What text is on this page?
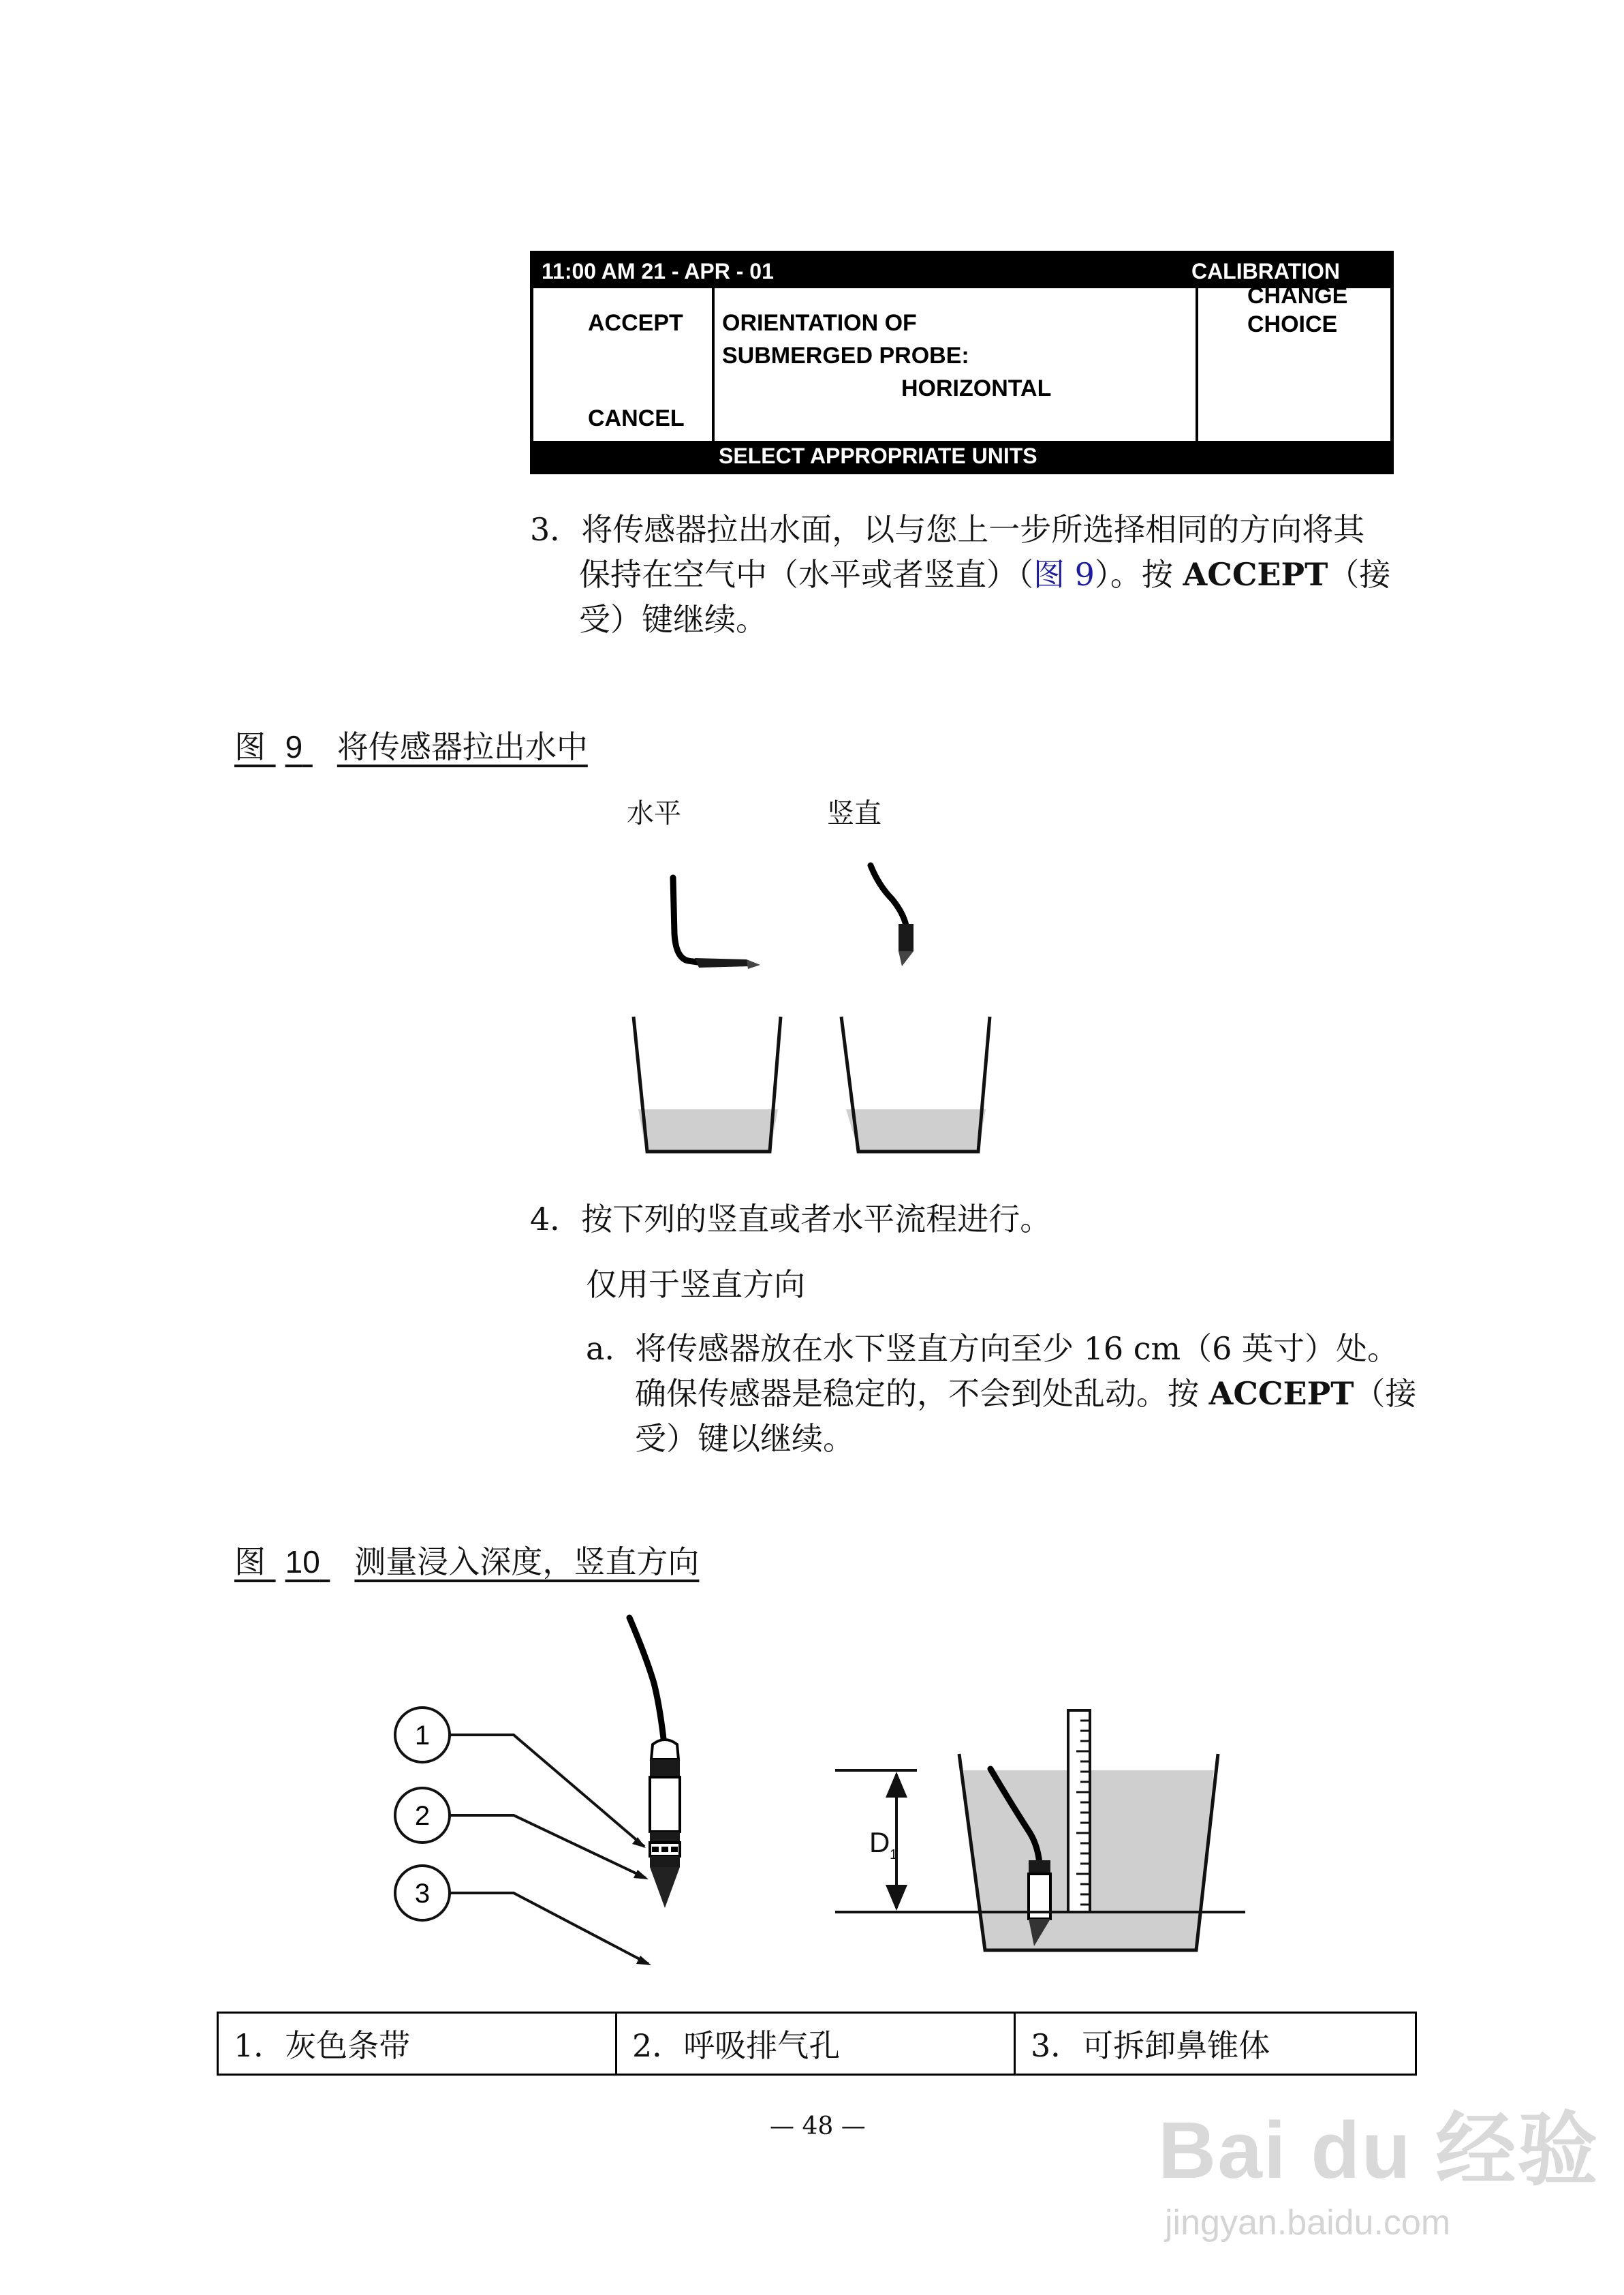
11:00 AM 21 - APR - 01	CALIBRATION
ACCEPT
CANCEL
CHANGE
CHOICE
ORIENTATION OF
SUBMERGED PROBE:
HORIZONTAL
SELECT APPROPRIATE UNITS
3．将传感器拉出水面，以与您上一步所选择相同的方向将其
保持在空气中（水平或者竖直）（图 9）。按 ACCEPT（接
受）键继续。
图 9 将传感器拉出水中
水平	竖直
4．按下列的竖直或者水平流程进行。
仅用于竖直方向
a. 将传感器放在水下竖直方向至少 16 cm（6 英寸）处。
确保传感器是稳定的，不会到处乱动。按 ACCEPT（接
受）键以继续。
图 10 测量浸入深度，竖直方向
1
2
3
D 1
1．灰色条带	2．呼吸排气孔	3．可拆卸鼻锥体
— 48 —	Bai du 经验
jingyan.baidu.com
